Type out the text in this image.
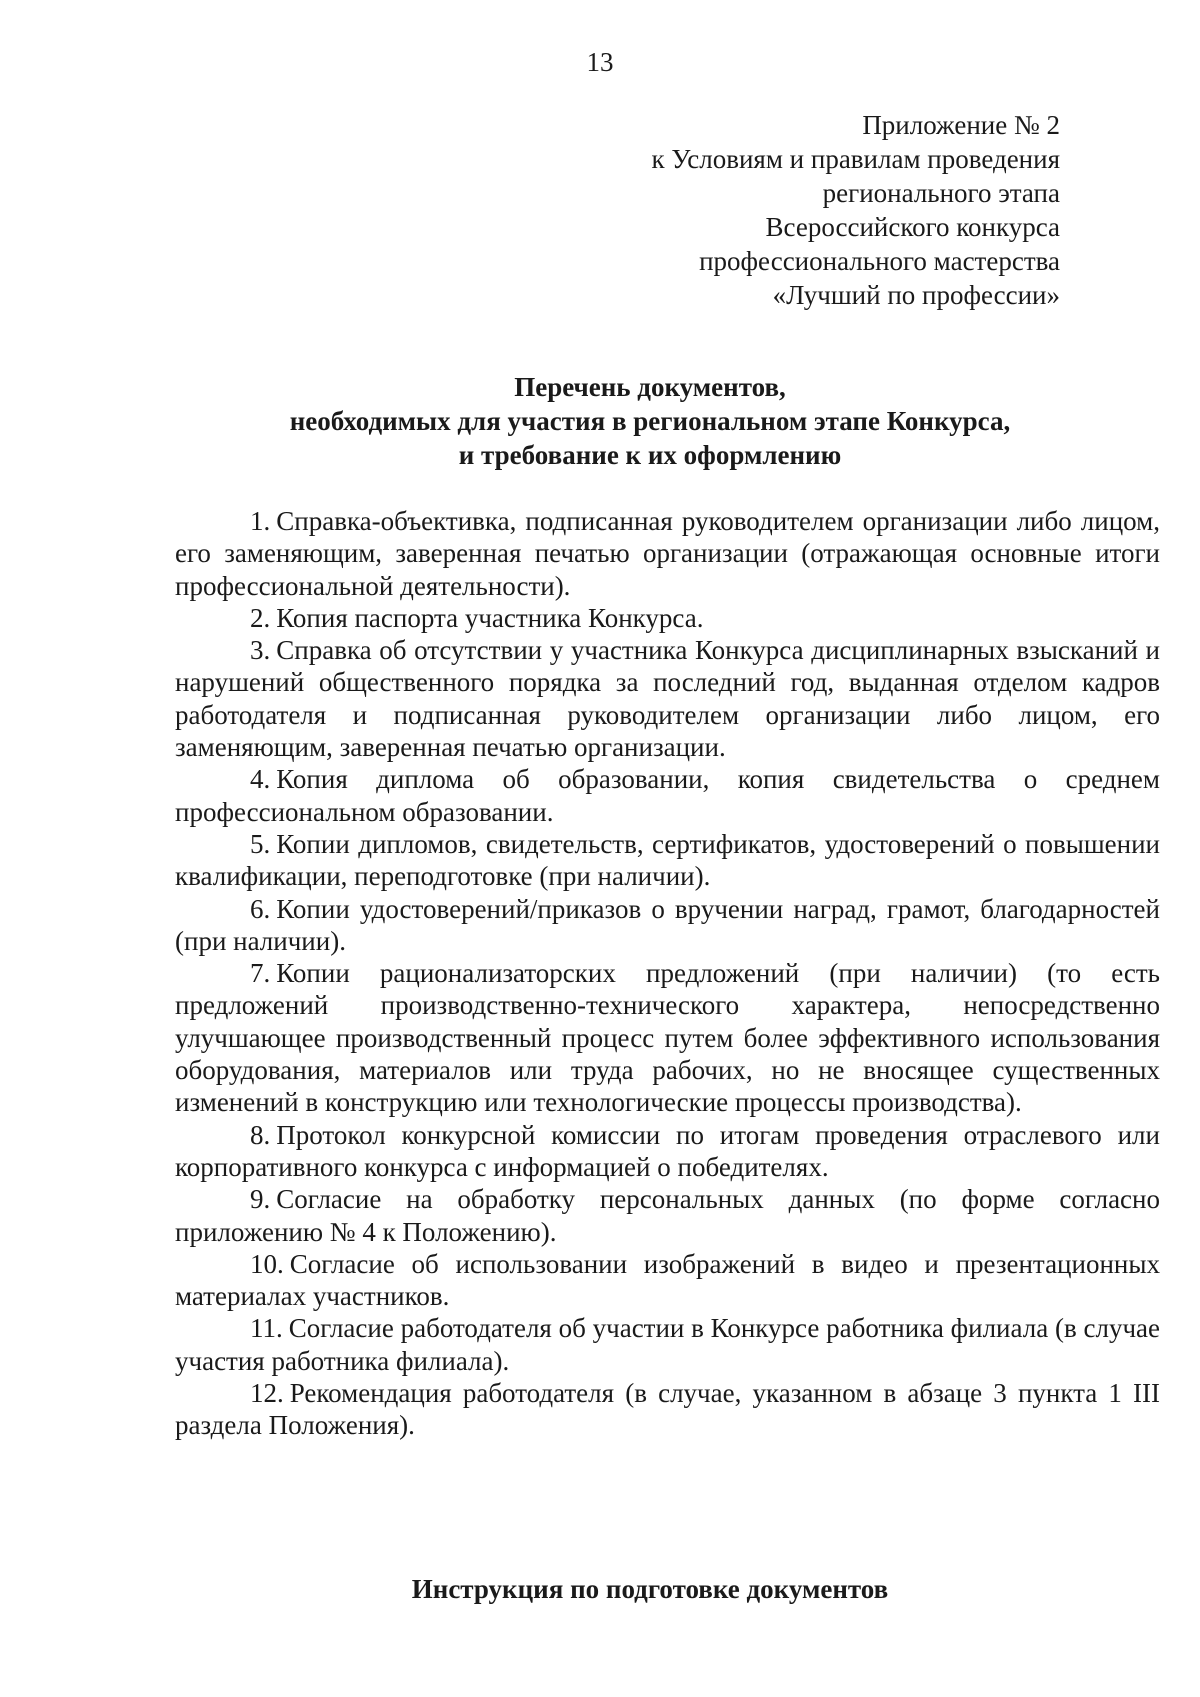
13
Приложение № 2
к Условиям и правилам проведения
регионального этапа
Всероссийского конкурса
профессионального мастерства
«Лучший по профессии»
Перечень документов,
необходимых для участия в региональном этапе Конкурса,
и требование к их оформлению

1. Справка-объективка, подписанная руководителем организации либо лицом, его заменяющим, заверенная печатью организации (отражающая основные итоги профессиональной деятельности).

2. Копия паспорта участника Конкурса.

3. Справка об отсутствии у участника Конкурса дисциплинарных взысканий и нарушений общественного порядка за последний год, выданная отделом кадров работодателя и подписанная руководителем организации либо лицом, его заменяющим, заверенная печатью организации.

4. Копия диплома об образовании, копия свидетельства о среднем профессиональном образовании.

5. Копии дипломов, свидетельств, сертификатов, удостоверений о повышении квалификации, переподготовке (при наличии).

6. Копии удостоверений/приказов о вручении наград, грамот, благодарностей (при наличии).

7. Копии рационализаторских предложений (при наличии) (то есть предложений производственно-технического характера, непосредственно улучшающее производственный процесс путем более эффективного использования оборудования, материалов или труда рабочих, но не вносящее существенных изменений в конструкцию или технологические процессы производства).

8. Протокол конкурсной комиссии по итогам проведения отраслевого или корпоративного конкурса с информацией о победителях.

9. Согласие на обработку персональных данных (по форме согласно приложению № 4 к Положению).

10. Согласие об использовании изображений в видео и презентационных материалах участников.

11. Согласие работодателя об участии в Конкурсе работника филиала (в случае участия работника филиала).

12. Рекомендация работодателя (в случае, указанном в абзаце 3 пункта 1 III раздела Положения).

Инструкция по подготовке документов
